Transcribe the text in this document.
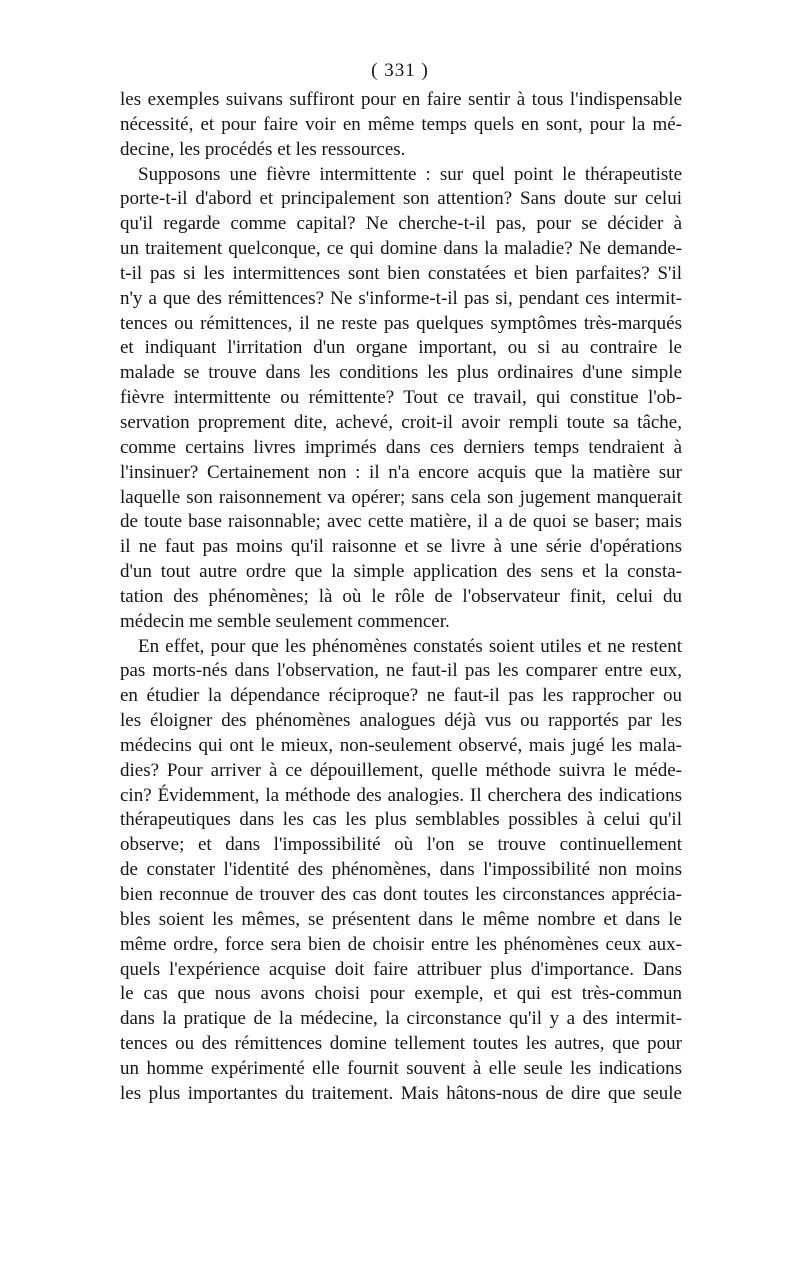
( 331 )
les exemples suivans suffiront pour en faire sentir à tous l'indispensable
nécessité, et pour faire voir en même temps quels en sont, pour la mé-
decine, les procédés et les ressources.
Supposons une fièvre intermittente : sur quel point le thérapeutiste
porte-t-il d'abord et principalement son attention? Sans doute sur celui
qu'il regarde comme capital? Ne cherche-t-il pas, pour se décider à
un traitement quelconque, ce qui domine dans la maladie? Ne demande-
t-il pas si les intermittences sont bien constatées et bien parfaites? S'il
n'y a que des rémittences? Ne s'informe-t-il pas si, pendant ces intermit-
tences ou rémittences, il ne reste pas quelques symptômes très-marqués
et indiquant l'irritation d'un organe important, ou si au contraire le
malade se trouve dans les conditions les plus ordinaires d'une simple
fièvre intermittente ou rémittente? Tout ce travail, qui constitue l'ob-
servation proprement dite, achevé, croit-il avoir rempli toute sa tâche,
comme certains livres imprimés dans ces derniers temps tendraient à
l'insinuer? Certainement non : il n'a encore acquis que la matière sur
laquelle son raisonnement va opérer; sans cela son jugement manquerait
de toute base raisonnable; avec cette matière, il a de quoi se baser; mais
il ne faut pas moins qu'il raisonne et se livre à une série d'opérations
d'un tout autre ordre que la simple application des sens et la consta-
tation des phénomènes; là où le rôle de l'observateur finit, celui du
médecin me semble seulement commencer.
En effet, pour que les phénomènes constatés soient utiles et ne restent
pas morts-nés dans l'observation, ne faut-il pas les comparer entre eux,
en étudier la dépendance réciproque? ne faut-il pas les rapprocher ou
les éloigner des phénomènes analogues déjà vus ou rapportés par les
médecins qui ont le mieux, non-seulement observé, mais jugé les mala-
dies? Pour arriver à ce dépouillement, quelle méthode suivra le méde-
cin? Évidemment, la méthode des analogies. Il cherchera des indications
thérapeutiques dans les cas les plus semblables possibles à celui qu'il
observe; et dans l'impossibilité où l'on se trouve continuellement
de constater l'identité des phénomènes, dans l'impossibilité non moins
bien reconnue de trouver des cas dont toutes les circonstances apprécia-
bles soient les mêmes, se présentent dans le même nombre et dans le
même ordre, force sera bien de choisir entre les phénomènes ceux aux-
quels l'expérience acquise doit faire attribuer plus d'importance. Dans
le cas que nous avons choisi pour exemple, et qui est très-commun
dans la pratique de la médecine, la circonstance qu'il y a des intermit-
tences ou des rémittences domine tellement toutes les autres, que pour
un homme expérimenté elle fournit souvent à elle seule les indications
les plus importantes du traitement. Mais hâtons-nous de dire que seule
